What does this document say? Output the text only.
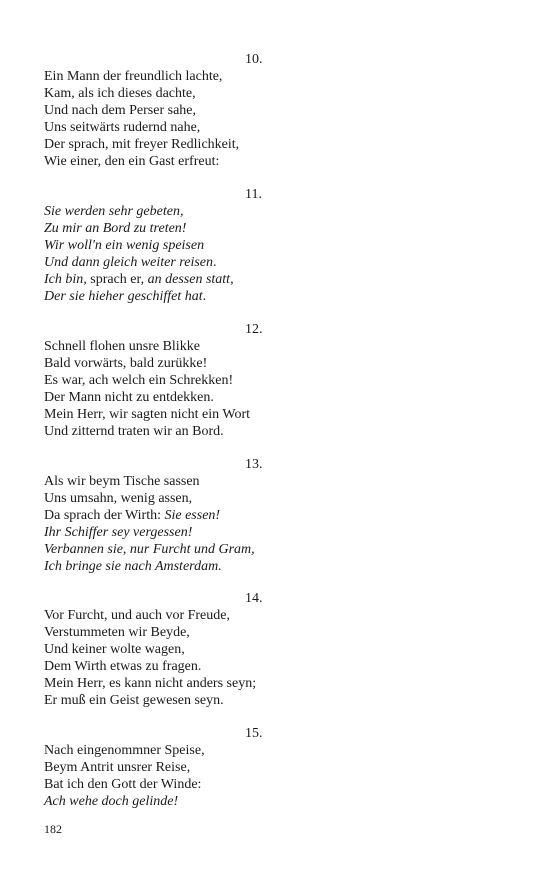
10.
Ein Mann der freundlich lachte,
Kam, als ich dieses dachte,
Und nach dem Perser sahe,
Uns seitwärts rudernd nahe,
Der sprach, mit freyer Redlichkeit,
Wie einer, den ein Gast erfreut:
11.
Sie werden sehr gebeten,
Zu mir an Bord zu treten!
Wir woll'n ein wenig speisen
Und dann gleich weiter reisen.
Ich bin, sprach er, an dessen statt,
Der sie hieher geschiffet hat.
12.
Schnell flohen unsre Blikke
Bald vorwärts, bald zurükke!
Es war, ach welch ein Schrekken!
Der Mann nicht zu entdekken.
Mein Herr, wir sagten nicht ein Wort
Und zitternd traten wir an Bord.
13.
Als wir beym Tische sassen
Uns umsahn, wenig assen,
Da sprach der Wirth: Sie essen!
Ihr Schiffer sey vergessen!
Verbannen sie, nur Furcht und Gram,
Ich bringe sie nach Amsterdam.
14.
Vor Furcht, und auch vor Freude,
Verstummeten wir Beyde,
Und keiner wolte wagen,
Dem Wirth etwas zu fragen.
Mein Herr, es kann nicht anders seyn;
Er muß ein Geist gewesen seyn.
15.
Nach eingenommner Speise,
Beym Antrit unsrer Reise,
Bat ich den Gott der Winde:
Ach wehe doch gelinde!
182
